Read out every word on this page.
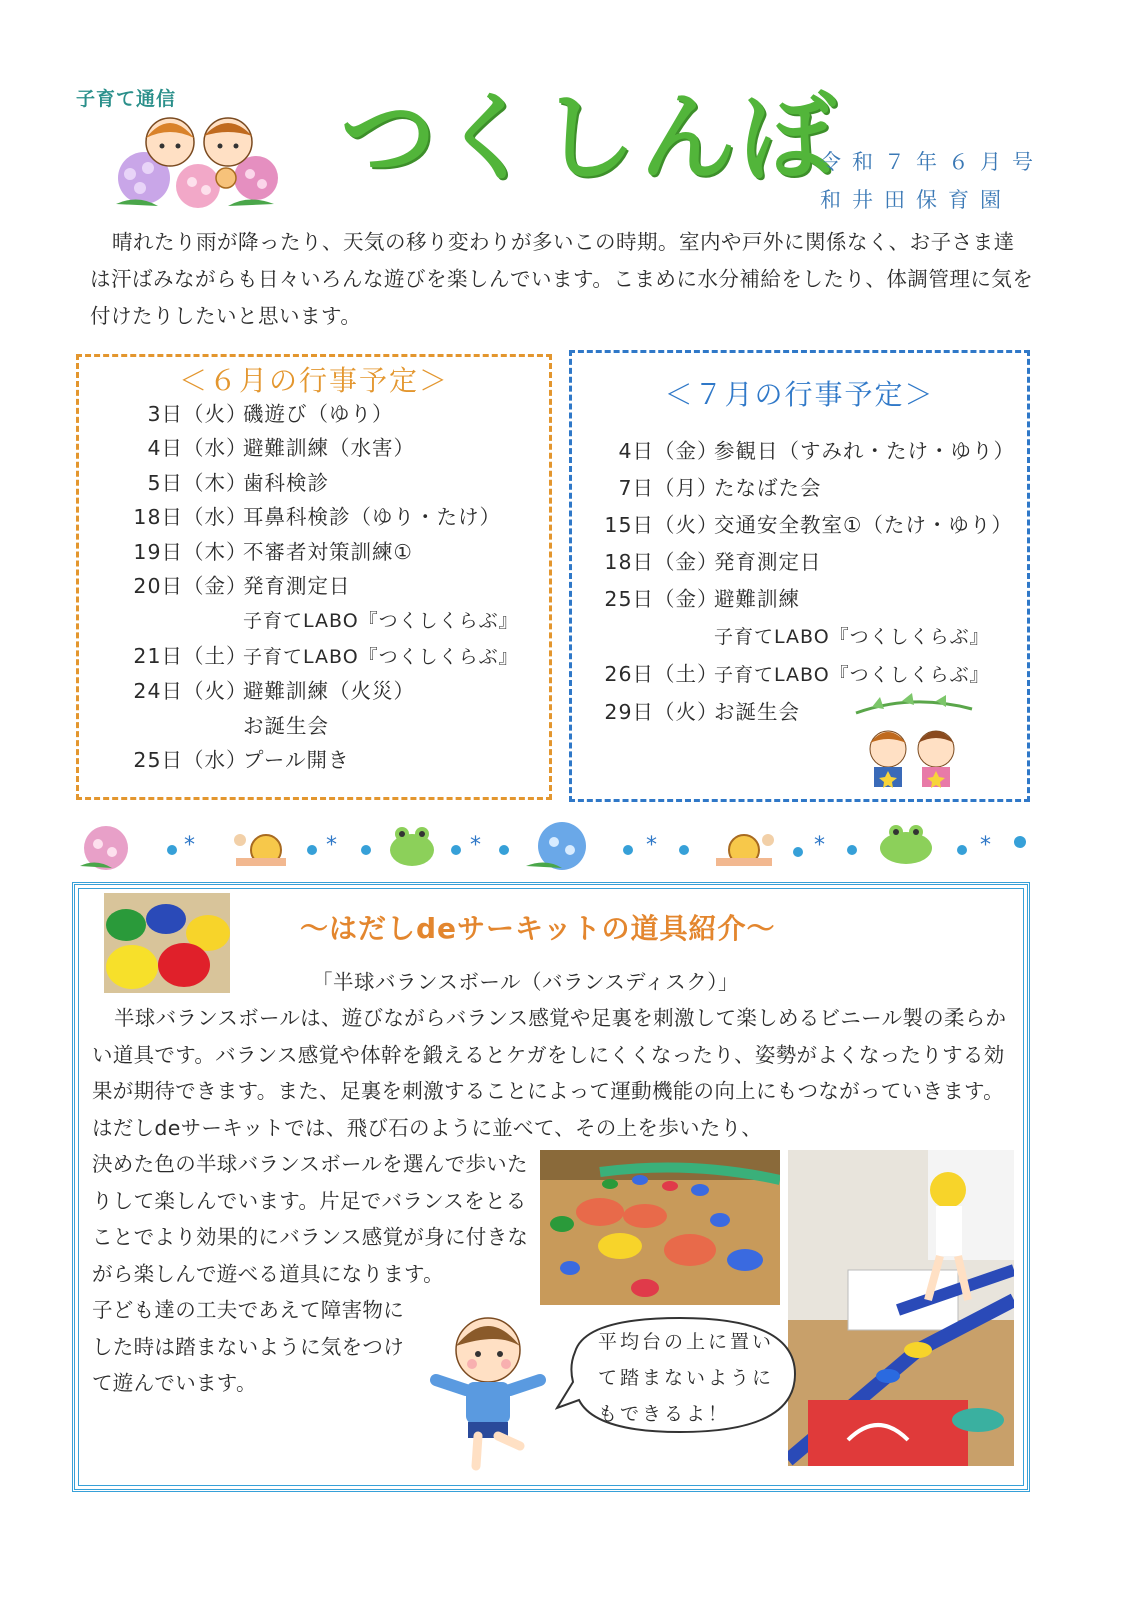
子育て通信 つくしんぼ
令和７年６月号
和井田保育園
晴れたり雨が降ったり、天気の移り変わりが多いこの時期。室内や戸外に関係なく、お子さま達は汗ばみながらも日々いろんな遊びを楽しんでいます。こまめに水分補給をしたり、体調管理に気を付けたりしたいと思います。
＜６月の行事予定＞
3日（火）磯遊び（ゆり）
4日（水）避難訓練（水害）
5日（木）歯科検診
18日（水）耳鼻科検診（ゆり・たけ）
19日（木）不審者対策訓練①
20日（金）発育測定日
子育てLABO『つくしくらぶ』
21日（土）子育てLABO『つくしくらぶ』
24日（火）避難訓練（火災）
お誕生会
25日（水）プール開き
＜７月の行事予定＞
4日（金）参観日（すみれ・たけ・ゆり）
7日（月）たなばた会
15日（火）交通安全教室①（たけ・ゆり）
18日（金）発育測定日
25日（金）避難訓練
子育てLABO『つくしくらぶ』
26日（土）子育てLABO『つくしくらぶ』
29日（火）お誕生会
*	*	*	*	*	*
～はだしdeサーキットの道具紹介～
「半球バランスボール（バランスディスク）」
半球バランスボールは、遊びながらバランス感覚や足裏を刺激して楽しめるビニール製の柔らかい道具です。バランス感覚や体幹を鍛えるとケガをしにくくなったり、姿勢がよくなったりする効果が期待できます。また、足裏を刺激することによって運動機能の向上にもつながっていきます。はだしdeサーキットでは、飛び石のように並べて、その上を歩いたり、
決めた色の半球バランスボールを選んで歩いたりして楽しんでいます。片足でバランスをとることでより効果的にバランス感覚が身に付きながら楽しんで遊べる道具になります。
子ども達の工夫であえて障害物にした時は踏まないように気をつけて遊んでいます。
平均台の上に置いて踏まないようにもできるよ！
